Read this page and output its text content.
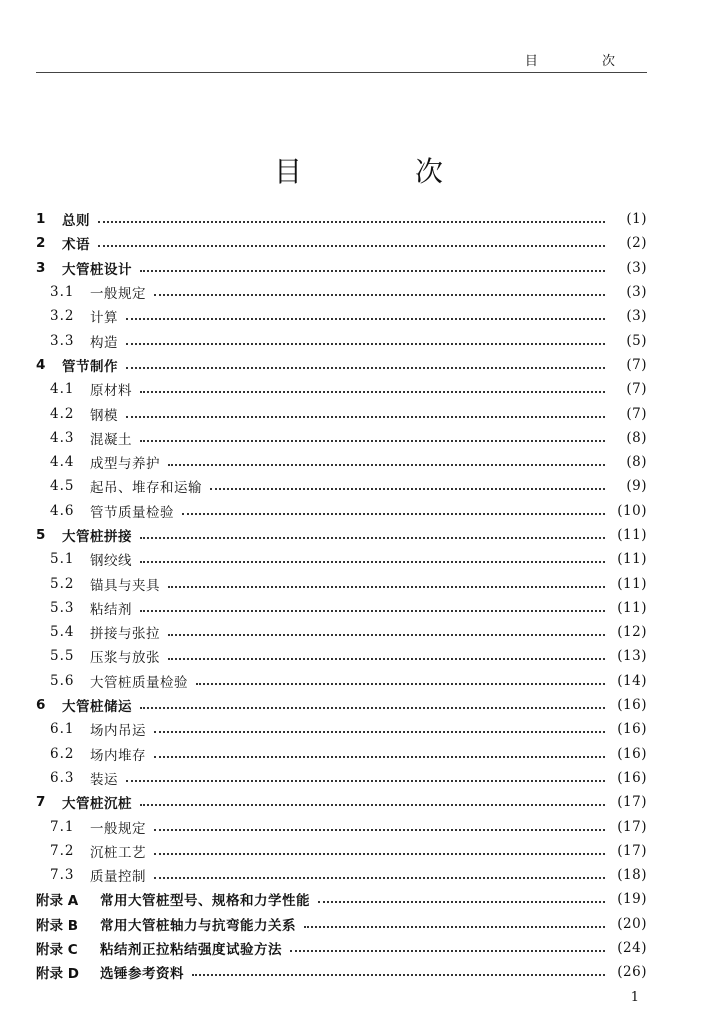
目 次
目 次
1	总则	(1)
2	术语	(2)
3	大管桩设计	(3)
3.1	一般规定	(3)
3.2	计算	(3)
3.3	构造	(5)
4	管节制作	(7)
4.1	原材料	(7)
4.2	钢模	(7)
4.3	混凝土	(8)
4.4	成型与养护	(8)
4.5	起吊、堆存和运输	(9)
4.6	管节质量检验	(10)
5	大管桩拼接	(11)
5.1	钢绞线	(11)
5.2	锚具与夹具	(11)
5.3	粘结剂	(11)
5.4	拼接与张拉	(12)
5.5	压浆与放张	(13)
5.6	大管桩质量检验	(14)
6	大管桩储运	(16)
6.1	场内吊运	(16)
6.2	场内堆存	(16)
6.3	装运	(16)
7	大管桩沉桩	(17)
7.1	一般规定	(17)
7.2	沉桩工艺	(17)
7.3	质量控制	(18)
附录 A	常用大管桩型号、规格和力学性能	(19)
附录 B	常用大管桩轴力与抗弯能力关系	(20)
附录 C	粘结剂正拉粘结强度试验方法	(24)
附录 D	选锤参考资料	(26)
1
